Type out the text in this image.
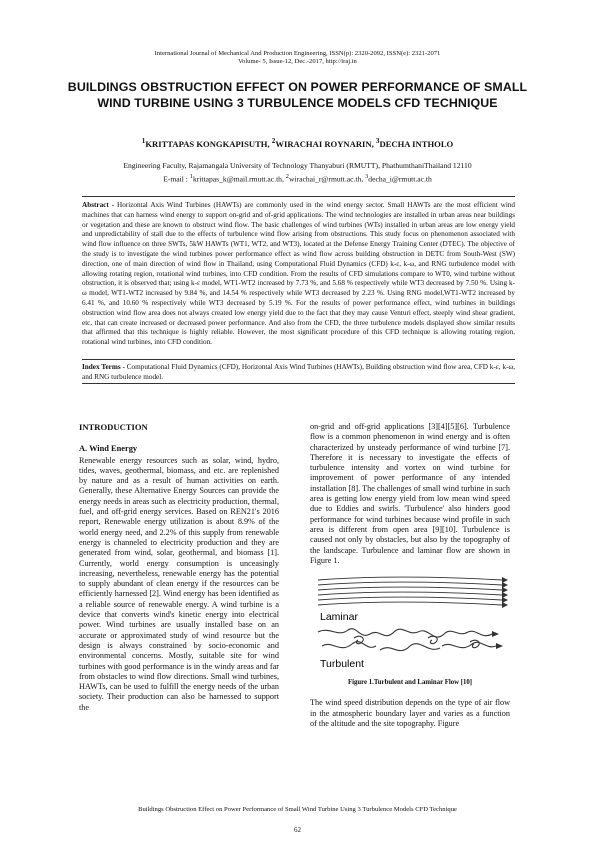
International Journal of Mechanical And Production Engineering, ISSN(p): 2320-2092, ISSN(e): 2321-2071
Volume- 5, Issue-12, Dec.-2017, http://iraj.in
BUILDINGS OBSTRUCTION EFFECT ON POWER PERFORMANCE OF SMALL WIND TURBINE USING 3 TURBULENCE MODELS CFD TECHNIQUE
$^1$KRITTAPAS KONGKAPISUTH, $^2$WIRACHAI ROYNARIN, $^3$DECHA INTHOLO
Engineering Faculty, Rajamangala University of Technology Thanyaburi (RMUTT), PhathumthaniThailand 12110
E-mail : $^1$krittapas_k@mail.rmutt.ac.th, $^2$wirachai_r@rmutt.ac.th, $^3$decha_i@rmutt.ac.th
Abstract - Horizontal Axis Wind Turbines (HAWTs) are commonly used in the wind energy sector. Small HAWTs are the most efficient wind machines that can harness wind energy to support on-grid and of-grid applications. The wind technologies are installed in urban areas near buildings or vegetation and these are known to obstruct wind flow. The basic challenges of wind turbines (WTs) installed in urban areas are low energy yield and unpredictability of stall due to the effects of turbulence wind flow arising from obstructions. This study focus on phenomenon associated with wind flow influence on three SWTs, 5kW HAWTs (WT1, WT2, and WT3), located at the Defense Energy Training Center (DTEC). The objective of the study is to investigate the wind turbines power performance effect as wind flow across building obstruction in DETC from South-West (SW) direction, one of main direction of wind flow in Thailand, using Computational Fluid Dynamics (CFD) k-ε, k-ω, and RNG turbulence model with allowing rotating region, rotational wind turbines, into CFD condition. From the results of CFD simulations compare to WT0, wind turbine without obstruction, it is observed that; using k-ε model, WT1-WT2 increased by 7.73 %, and 5.68 % respectively while WT3 decreased by 7.50 %. Using k-ω model, WT1-WT2 increased by 9.84 %, and 14.54 % respectively while WT3 decreased by 2.23 %. Using RNG model,WT1-WT2 increased by 6.41 %, and 10.60 % respectively while WT3 decreased by 5.19 %. For the results of power performance effect, wind turbines in buildings obstruction wind flow area does not always created low energy yield due to the fact that they may cause Venturi effect, steeply wind shear gradient, etc. that can create increased or decreased power performance. And also from the CFD, the three turbulence models displayed show similar results that affirmed that this technique is highly reliable. However, the most significant procedure of this CFD technique is allowing rotating region, rotational wind turbines, into CFD condition.
Index Terms - Computational Fluid Dynamics (CFD), Horizontal Axis Wind Turbines (HAWTs), Building obstruction wind flow area, CFD k-ε, k-ω, and RNG turbulence model.
INTRODUCTION
A. Wind Energy

Renewable energy resources such as solar, wind, hydro, tides, waves, geothermal, biomass, and etc. are replenished by nature and as a result of human activities on earth. Generally, these Alternative Energy Sources can provide the energy needs in areas such as electricity production, thermal, fuel, and off-grid energy services. Based on REN21's 2016 report, Renewable energy utilization is about 8.9% of the world energy need, and 2.2% of this supply from renewable energy is channeled to electricity production and they are generated from wind, solar, geothermal, and biomass [1]. Currently, world energy consumption is unceasingly increasing, nevertheless, renewable energy has the potential to supply abundant of clean energy if the resources can be efficiently harnessed [2]. Wind energy has been identified as a reliable source of renewable energy. A wind turbine is a device that converts wind's kinetic energy into electrical power. Wind turbines are usually installed base on an accurate or approximated study of wind resource but the design is always constrained by socio-economic and environmental concerns. Mostly, suitable site for wind turbines with good performance is in the windy areas and far from obstacles to wind flow directions. Small wind turbines, HAWTs, can be used to fulfill the energy needs of the urban society. Their production can also be harnessed to support the

on-grid and off-grid applications [3][4][5][6]. Turbulence flow is a common phenomenon in wind energy and is often characterized by unsteady performance of wind turbine [7]. Therefore it is necessary to investigate the effects of turbulence intensity and vortex on wind turbine for improvement of power performance of any intended installation [8]. The challenges of small wind turbine in such area is getting low energy yield from low mean wind speed due to Eddies and swirls. 'Turbulence' also hinders good performance for wind turbines because wind profile in such area is different from open area [9][10]. Turbulence is caused not only by obstacles, but also by the topography of the landscape. Turbulence and laminar flow are shown in Figure 1.

Laminar
Turbulent
Figure 1.Turbulent and Laminar Flow [10]

The wind speed distribution depends on the type of air flow in the atmospheric boundary layer and varies as a function of the altitude and the site topography. Figure

Buildings Obstruction Effect on Power Performance of Small Wind Turbine Using 3 Turbulence Models CFD Technique
62
